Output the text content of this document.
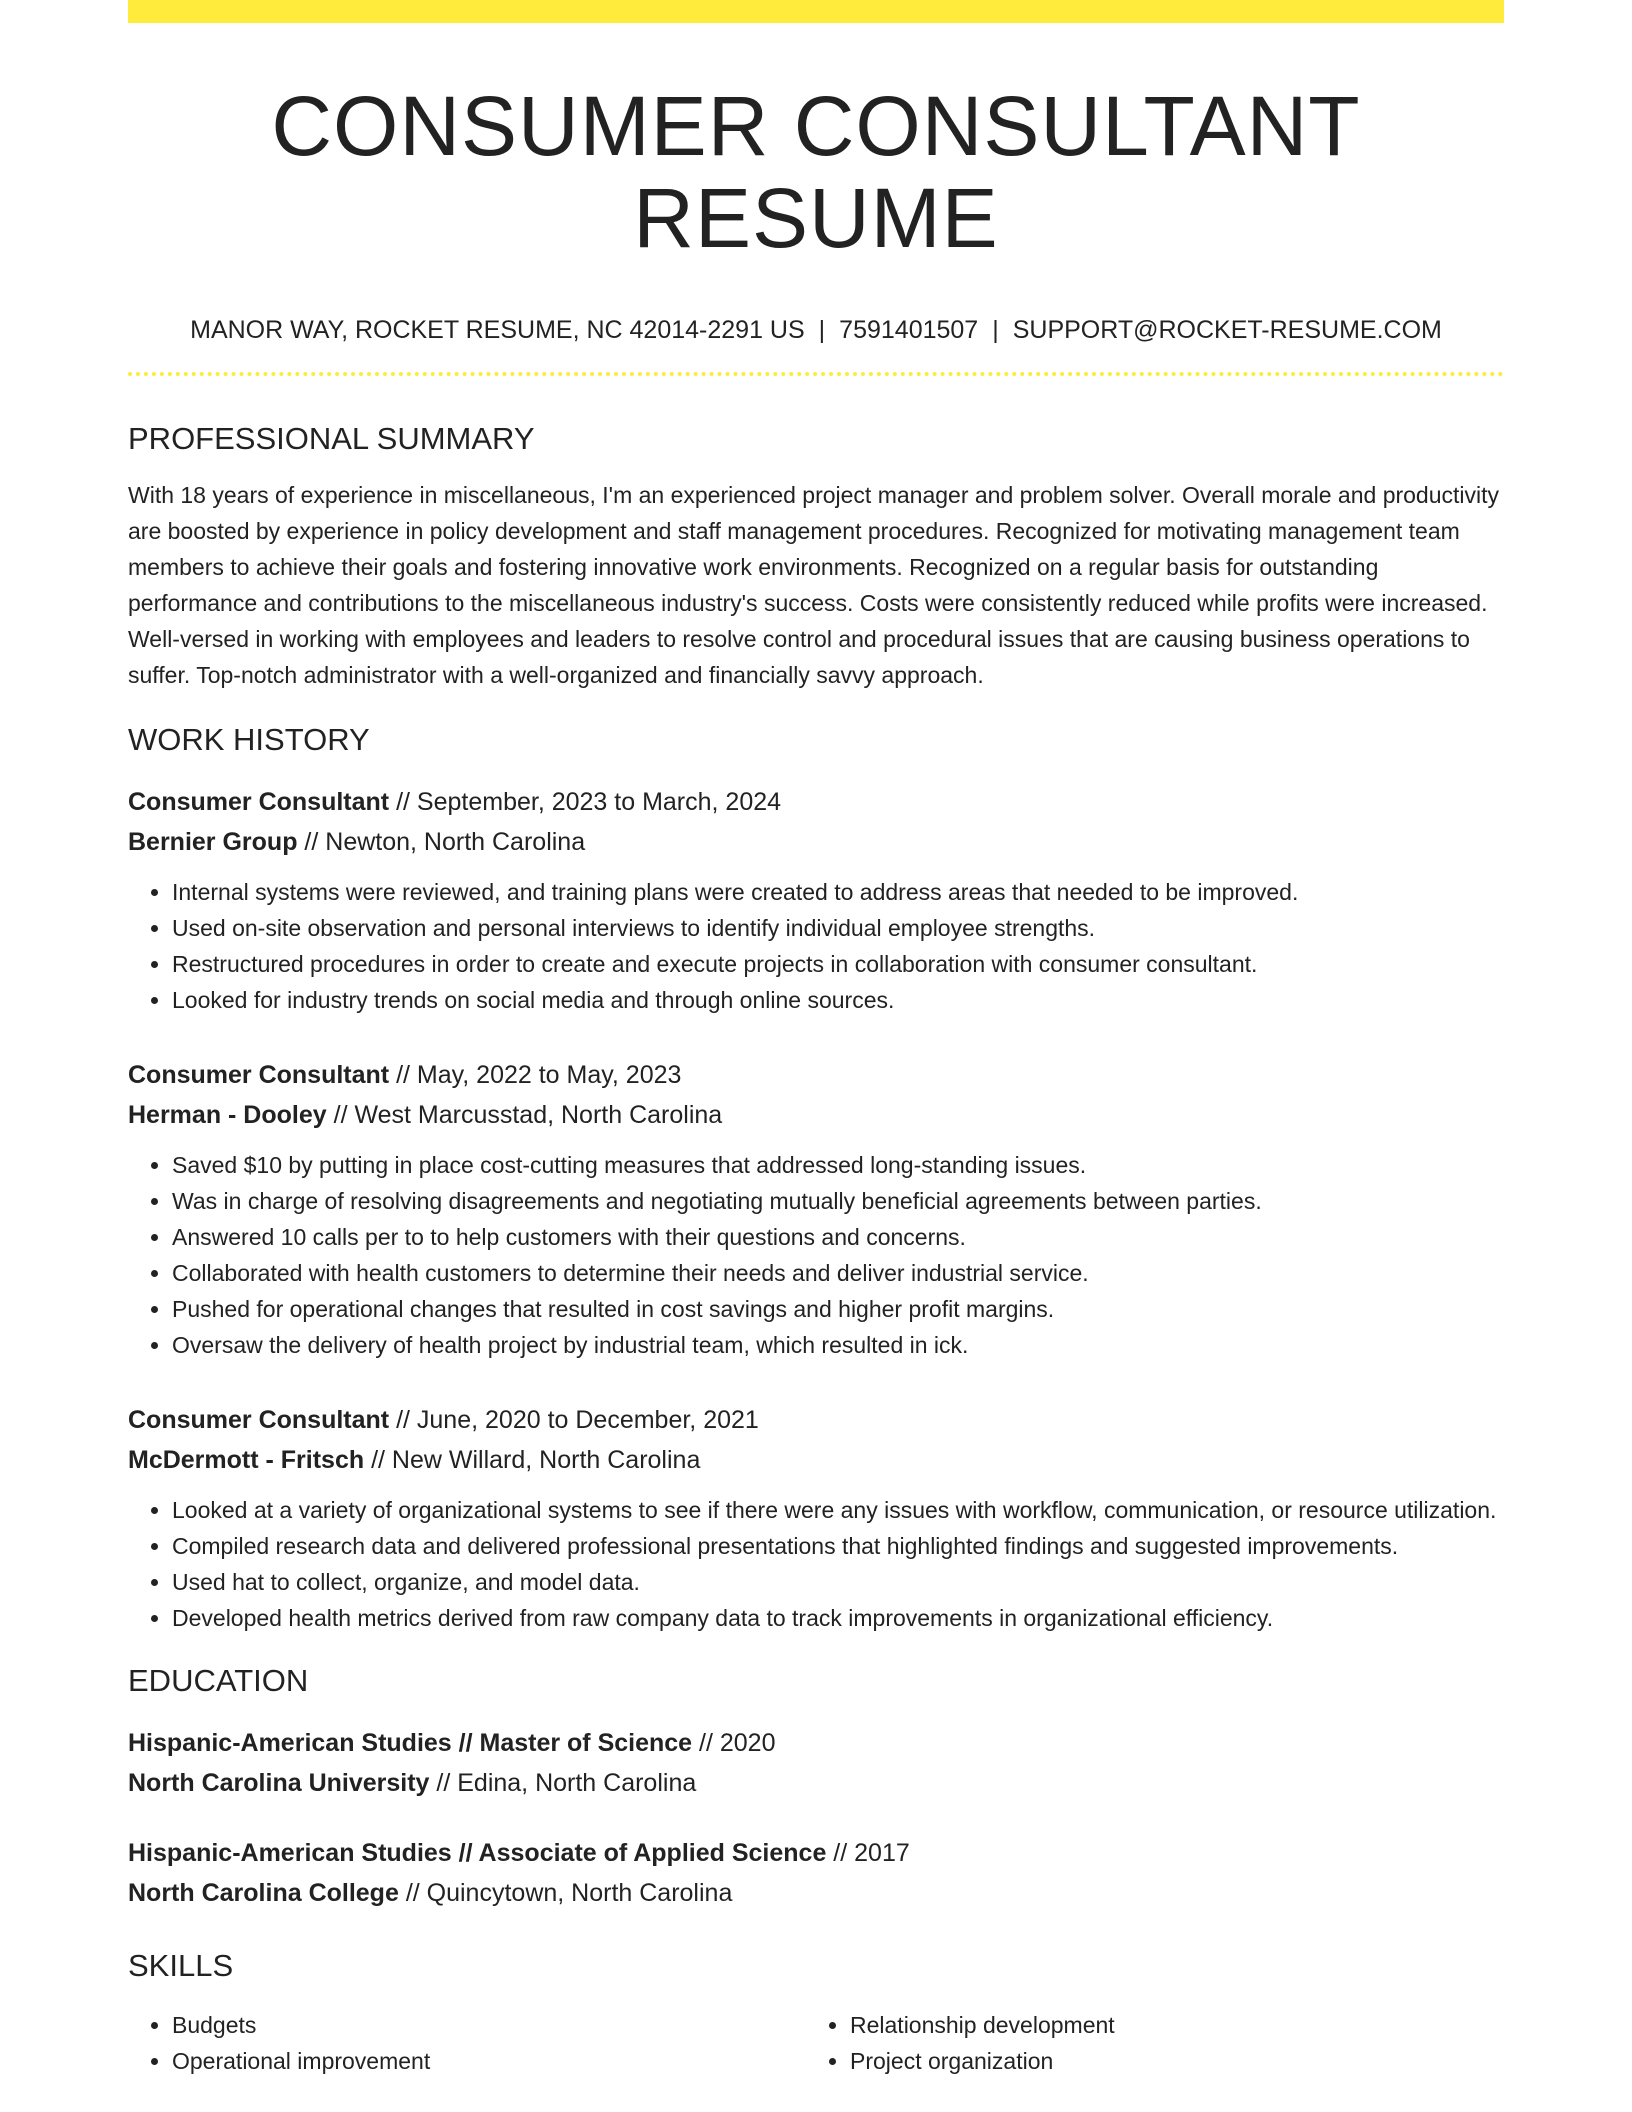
CONSUMER CONSULTANT RESUME
MANOR WAY, ROCKET RESUME, NC 42014-2291 US | 7591401507 | SUPPORT@ROCKET-RESUME.COM
PROFESSIONAL SUMMARY

With 18 years of experience in miscellaneous, I'm an experienced project manager and problem solver. Overall morale and productivity are boosted by experience in policy development and staff management procedures. Recognized for motivating management team members to achieve their goals and fostering innovative work environments. Recognized on a regular basis for outstanding performance and contributions to the miscellaneous industry's success. Costs were consistently reduced while profits were increased. Well-versed in working with employees and leaders to resolve control and procedural issues that are causing business operations to suffer. Top-notch administrator with a well-organized and financially savvy approach.

WORK HISTORY
Consumer Consultant // September, 2023 to March, 2024
Bernier Group // Newton, North Carolina
• Internal systems were reviewed, and training plans were created to address areas that needed to be improved.
• Used on-site observation and personal interviews to identify individual employee strengths.
• Restructured procedures in order to create and execute projects in collaboration with consumer consultant.
• Looked for industry trends on social media and through online sources.
Consumer Consultant // May, 2022 to May, 2023
Herman - Dooley // West Marcusstad, North Carolina
• Saved $10 by putting in place cost-cutting measures that addressed long-standing issues.
• Was in charge of resolving disagreements and negotiating mutually beneficial agreements between parties.
• Answered 10 calls per to to help customers with their questions and concerns.
• Collaborated with health customers to determine their needs and deliver industrial service.
• Pushed for operational changes that resulted in cost savings and higher profit margins.
• Oversaw the delivery of health project by industrial team, which resulted in ick.
Consumer Consultant // June, 2020 to December, 2021
McDermott - Fritsch // New Willard, North Carolina
• Looked at a variety of organizational systems to see if there were any issues with workflow, communication, or resource utilization.
• Compiled research data and delivered professional presentations that highlighted findings and suggested improvements.
• Used hat to collect, organize, and model data.
• Developed health metrics derived from raw company data to track improvements in organizational efficiency.
EDUCATION
Hispanic-American Studies // Master of Science // 2020
North Carolina University // Edina, North Carolina
Hispanic-American Studies // Associate of Applied Science // 2017
North Carolina College // Quincytown, North Carolina
SKILLS
• Budgets
• Operational improvement
• Relationship development
• Project organization
